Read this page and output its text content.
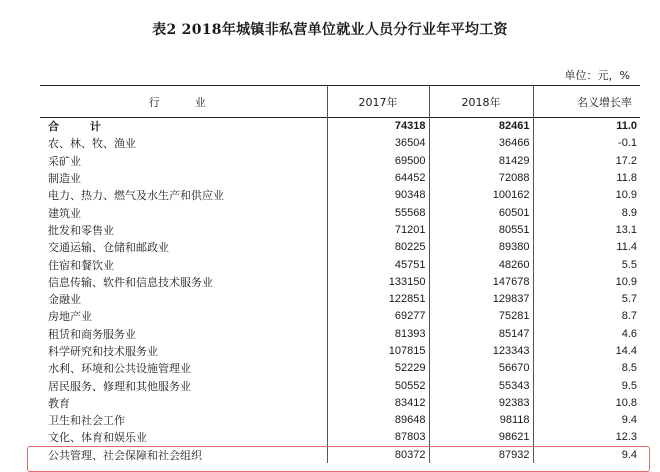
表2 2018年城镇非私营单位就业人员分行业年平均工资
单位：元，%
行　业	2017年	2018年	名义增长率
合　计	74318	82461	11.0
农、林、牧、渔业	36504	36466	-0.1
采矿业	69500	81429	17.2
制造业	64452	72088	11.8
电力、热力、燃气及水生产和供应业	90348	100162	10.9
建筑业	55568	60501	8.9
批发和零售业	71201	80551	13.1
交通运输、仓储和邮政业	80225	89380	11.4
住宿和餐饮业	45751	48260	5.5
信息传输、软件和信息技术服务业	133150	147678	10.9
金融业	122851	129837	5.7
房地产业	69277	75281	8.7
租赁和商务服务业	81393	85147	4.6
科学研究和技术服务业	107815	123343	14.4
水利、环境和公共设施管理业	52229	56670	8.5
居民服务、修理和其他服务业	50552	55343	9.5
教育	83412	92383	10.8
卫生和社会工作	89648	98118	9.4
文化、体育和娱乐业	87803	98621	12.3
公共管理、社会保障和社会组织	80372	87932	9.4
